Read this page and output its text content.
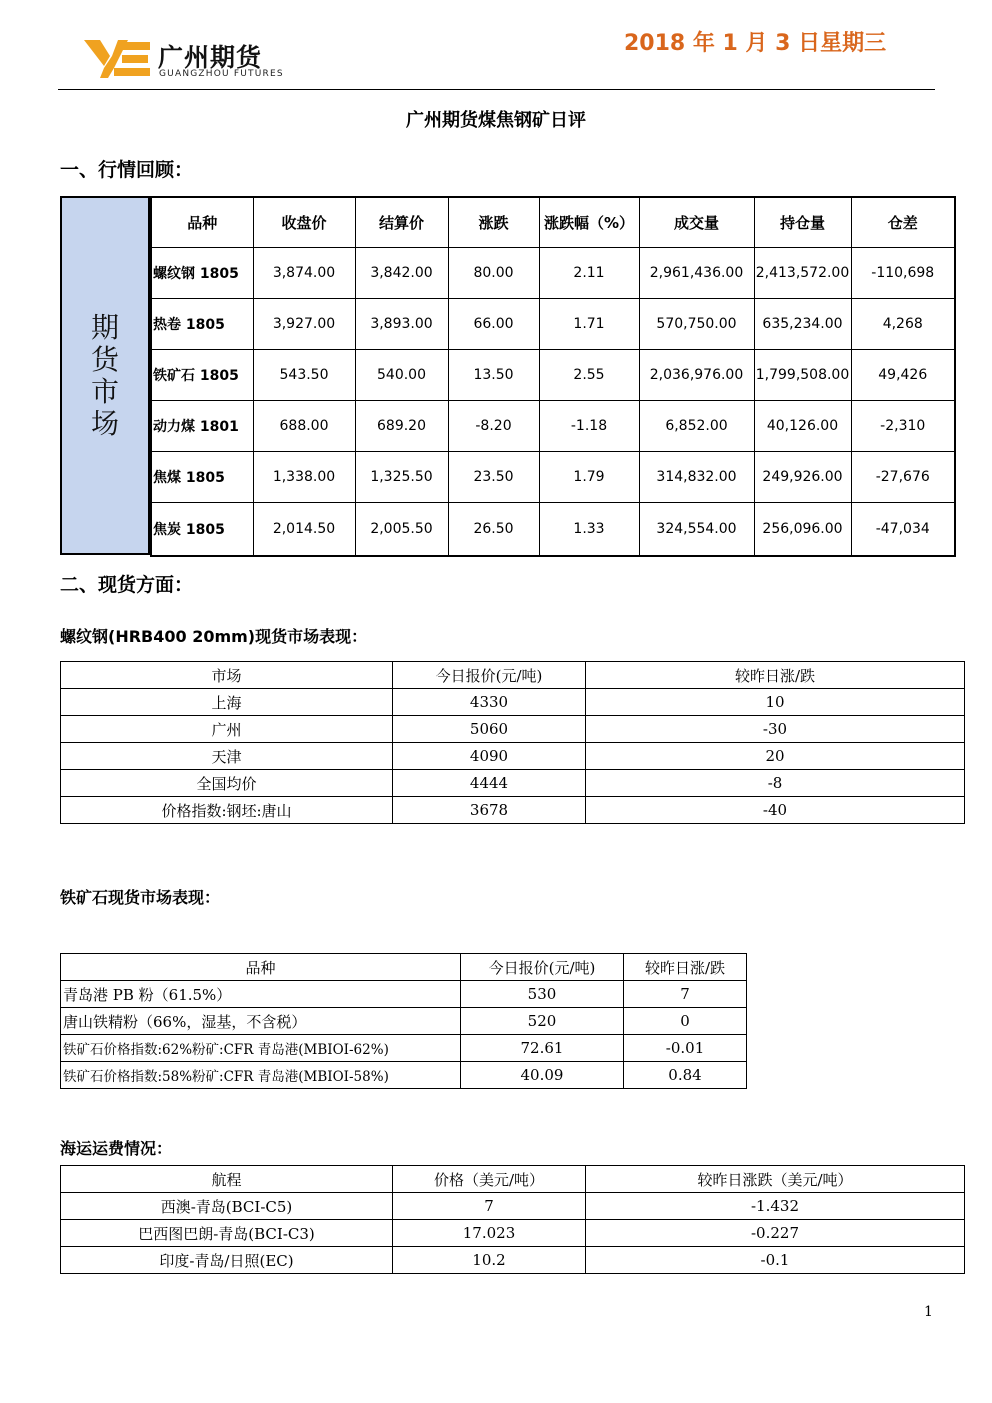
广州期货
GUANGZHOU FUTURES
2018 年 1 月 3 日星期三
广州期货煤焦钢矿日评
一、行情回顾：
期货市场
品种	收盘价	结算价	涨跌	涨跌幅（%）	成交量	持仓量	仓差
螺纹钢 1805	3,874.00	3,842.00	80.00	2.11	2,961,436.00	2,413,572.00	-110,698
热卷 1805	3,927.00	3,893.00	66.00	1.71	570,750.00	635,234.00	4,268
铁矿石 1805	543.50	540.00	13.50	2.55	2,036,976.00	1,799,508.00	49,426
动力煤 1801	688.00	689.20	-8.20	-1.18	6,852.00	40,126.00	-2,310
焦煤 1805	1,338.00	1,325.50	23.50	1.79	314,832.00	249,926.00	-27,676
焦炭 1805	2,014.50	2,005.50	26.50	1.33	324,554.00	256,096.00	-47,034
二、现货方面：
螺纹钢(HRB400 20mm)现货市场表现：
市场	今日报价(元/吨)	较昨日涨/跌
上海	4330	10
广州	5060	-30
天津	4090	20
全国均价	4444	-8
价格指数:钢坯:唐山	3678	-40
铁矿石现货市场表现：
品种	今日报价(元/吨)	较昨日涨/跌
青岛港 PB 粉（61.5%）	530	7
唐山铁精粉（66%，湿基，不含税）	520	0
铁矿石价格指数:62%粉矿:CFR 青岛港(MBIOI-62%)	72.61	-0.01
铁矿石价格指数:58%粉矿:CFR 青岛港(MBIOI-58%)	40.09	0.84
海运运费情况：
航程	价格（美元/吨）	较昨日涨跌（美元/吨）
西澳-青岛(BCI-C5)	7	-1.432
巴西图巴朗-青岛(BCI-C3)	17.023	-0.227
印度-青岛/日照(EC)	10.2	-0.1
1
